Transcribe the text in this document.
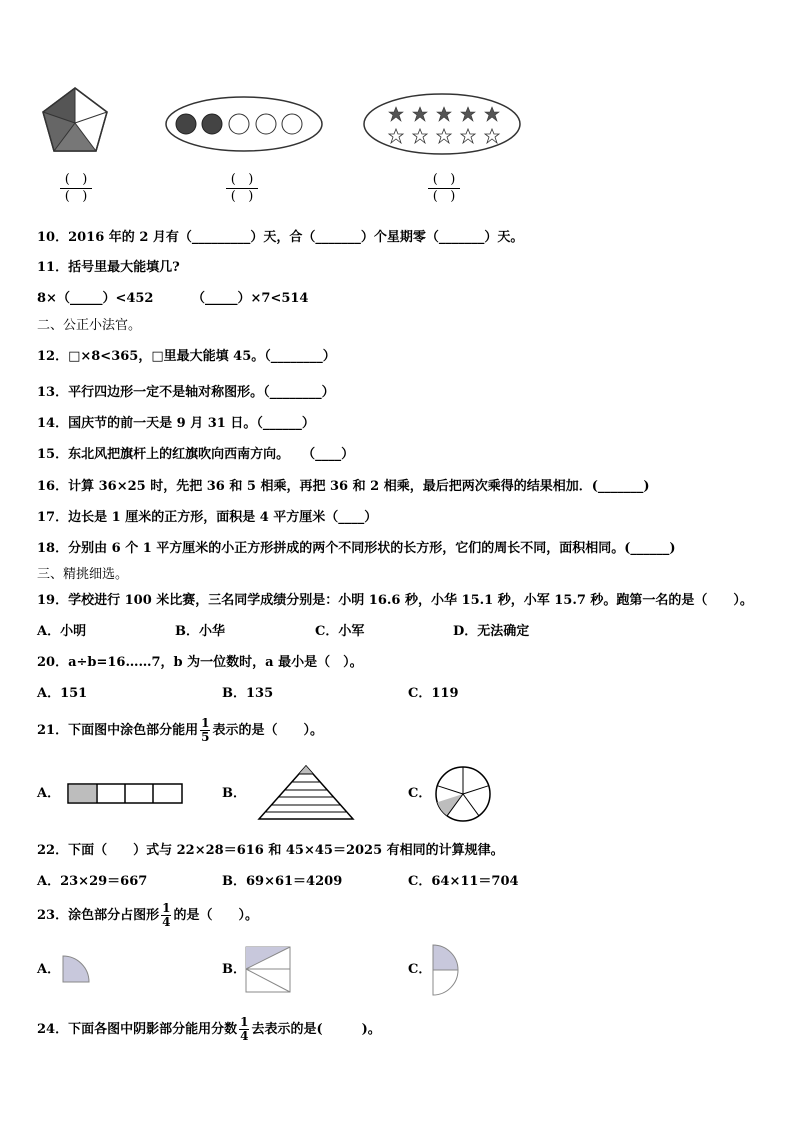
( )
( )
( )
( )
( )
( )
10．2016 年的 2 月有（_________）天，合（_______）个星期零（_______）天。
11．括号里最大能填几?
8×（_____）<452	（_____）×7<514
二、公正小法官。
12．□×8<365，□里最大能填 45。（________）
13．平行四边形一定不是轴对称图形。（________）
14．国庆节的前一天是 9 月 31 日。（______）
15．东北风把旗杆上的红旗吹向西南方向。　　（____）
16．计算 36×25 时，先把 36 和 5 相乘，再把 36 和 2 相乘，最后把两次乘得的结果相加．(_______)
17．边长是 1 厘米的正方形，面积是 4 平方厘米（____）
18．分别由 6 个 1 平方厘米的小正方形拼成的两个不同形状的长方形，它们的周长不同，面积相同。(______)
三、精挑细选。
19．学校进行 100 米比赛，三名同学成绩分别是：小明 16.6 秒，小华 15.1 秒，小军 15.7 秒。跑第一名的是（　　）。
A．小明	B．小华	C．小军	D．无法确定
20．a÷b=16……7，b 为一位数时，a 最小是（　）。
A．151	B．135	C．119
21．下面图中涂色部分能用 $\frac{1}{5}$ 表示的是（　　）。
A．	B．	C．
22．下面（　　）式与 22×28＝616 和 45×45＝2025 有相同的计算规律。
A．23×29＝667	B．69×61＝4209	C．64×11＝704
23．涂色部分占图形 $\frac{1}{4}$ 的是（　　）。
A．	B．	C．
24．下面各图中阴影部分能用分数 $\frac{1}{4}$ 去表示的是(　　　)。
